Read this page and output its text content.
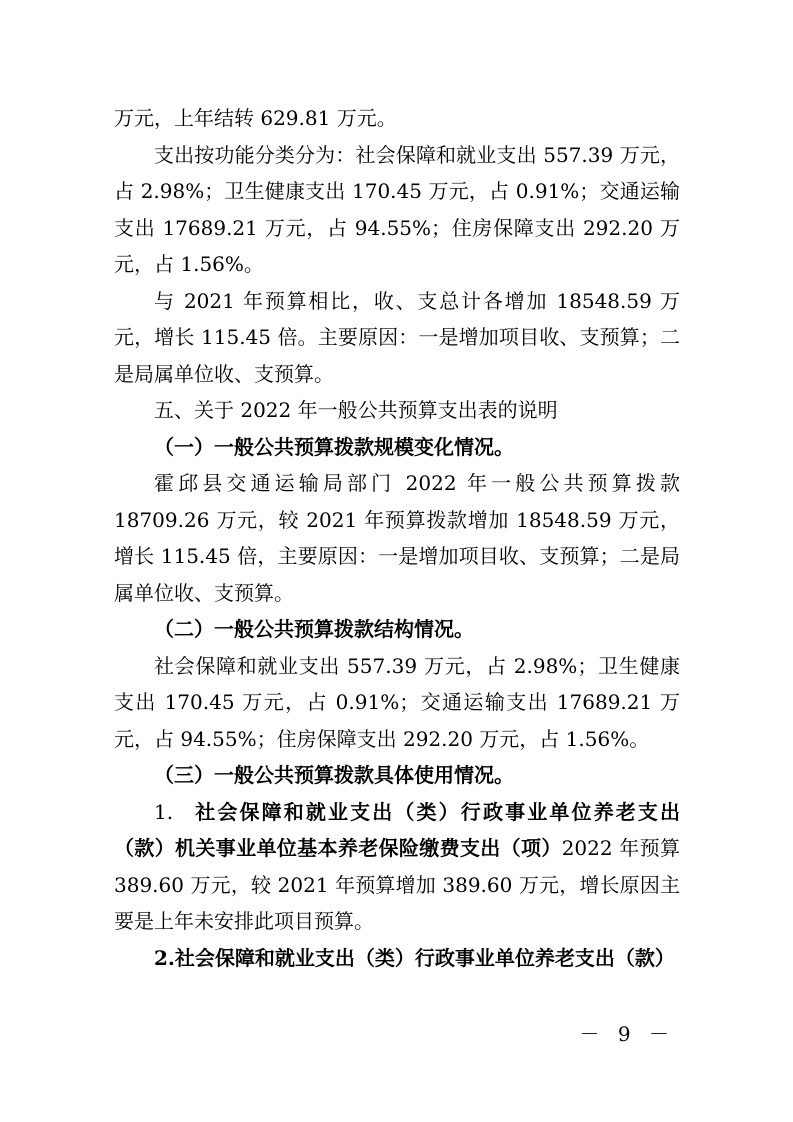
万元，上年结转 629.81 万元。

支出按功能分类分为：社会保障和就业支出 557.39 万元，占 2.98%；卫生健康支出 170.45 万元，占 0.91%；交通运输支出 17689.21 万元，占 94.55%；住房保障支出 292.20 万元，占 1.56%。

与 2021 年预算相比，收、支总计各增加 18548.59 万元，增长 115.45 倍。主要原因：一是增加项目收、支预算；二是局属单位收、支预算。

五、关于 2022 年一般公共预算支出表的说明

（一）一般公共预算拨款规模变化情况。

霍邱县交通运输局部门 2022 年一般公共预算拨款 18709.26 万元，较 2021 年预算拨款增加 18548.59 万元，增长 115.45 倍，主要原因：一是增加项目收、支预算；二是局属单位收、支预算。

（二）一般公共预算拨款结构情况。

社会保障和就业支出 557.39 万元，占 2.98%；卫生健康支出 170.45 万元，占 0.91%；交通运输支出 17689.21 万元，占 94.55%；住房保障支出 292.20 万元，占 1.56%。

（三）一般公共预算拨款具体使用情况。

1. 社会保障和就业支出（类）行政事业单位养老支出（款）机关事业单位基本养老保险缴费支出（项）2022 年预算 389.60 万元，较 2021 年预算增加 389.60 万元，增长原因主要是上年未安排此项目预算。

2.社会保障和就业支出（类）行政事业单位养老支出（款）

－ 9 －
